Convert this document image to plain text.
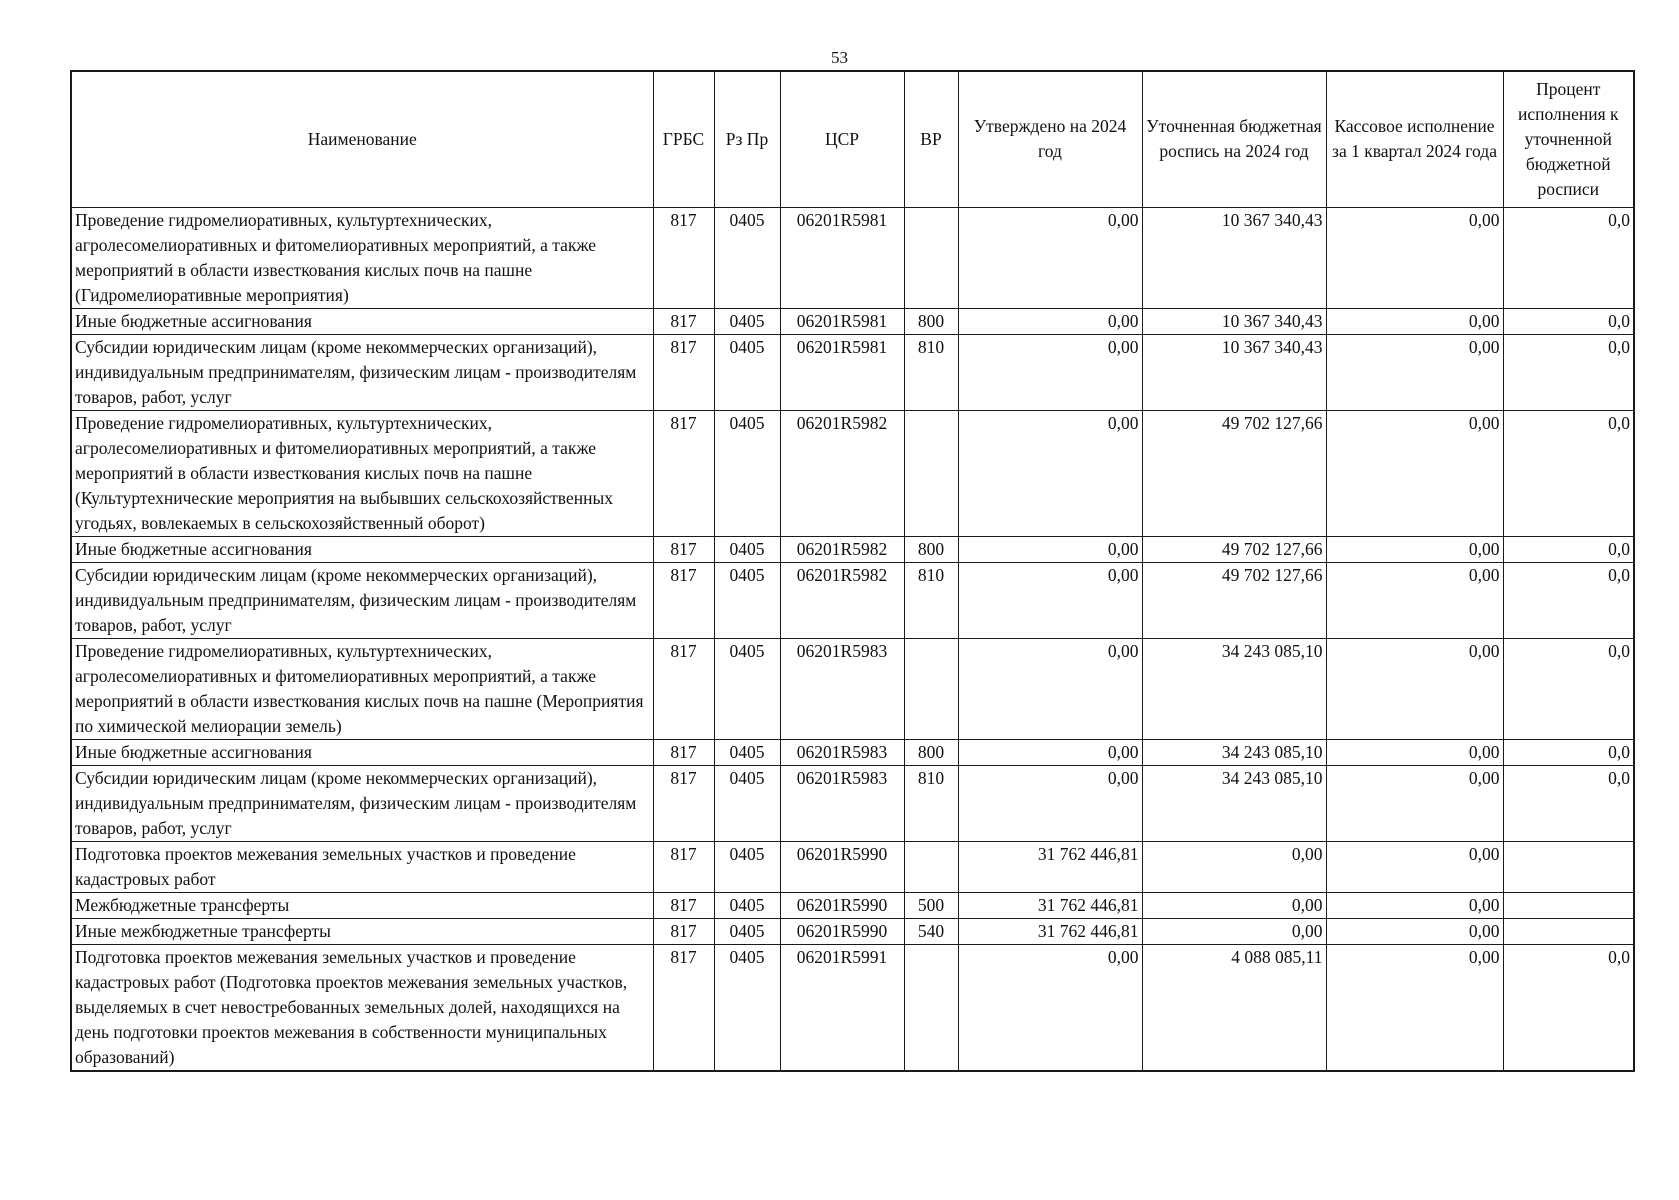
53
Наименование	ГРБС	Рз Пр	ЦСР	ВР	Утверждено на 2024 год	Уточненная бюджетная роспись на 2024 год	Кассовое исполнение за 1 квартал 2024 года	Процент исполнения к уточненной бюджетной росписи
Проведение гидромелиоративных, культуртехнических, агролесомелиоративных и фитомелиоративных мероприятий, а также мероприятий в области известкования кислых почв на пашне (Гидромелиоративные мероприятия)	817	0405	06201R5981		0,00	10 367 340,43	0,00	0,0
Иные бюджетные ассигнования	817	0405	06201R5981	800	0,00	10 367 340,43	0,00	0,0
Субсидии юридическим лицам (кроме некоммерческих организаций), индивидуальным предпринимателям, физическим лицам - производителям товаров, работ, услуг	817	0405	06201R5981	810	0,00	10 367 340,43	0,00	0,0
Проведение гидромелиоративных, культуртехнических, агролесомелиоративных и фитомелиоративных мероприятий, а также мероприятий в области известкования кислых почв на пашне (Культуртехнические мероприятия на выбывших сельскохозяйственных угодьях, вовлекаемых в сельскохозяйственный оборот)	817	0405	06201R5982		0,00	49 702 127,66	0,00	0,0
Иные бюджетные ассигнования	817	0405	06201R5982	800	0,00	49 702 127,66	0,00	0,0
Субсидии юридическим лицам (кроме некоммерческих организаций), индивидуальным предпринимателям, физическим лицам - производителям товаров, работ, услуг	817	0405	06201R5982	810	0,00	49 702 127,66	0,00	0,0
Проведение гидромелиоративных, культуртехнических, агролесомелиоративных и фитомелиоративных мероприятий, а также мероприятий в области известкования кислых почв на пашне (Мероприятия по химической мелиорации земель)	817	0405	06201R5983		0,00	34 243 085,10	0,00	0,0
Иные бюджетные ассигнования	817	0405	06201R5983	800	0,00	34 243 085,10	0,00	0,0
Субсидии юридическим лицам (кроме некоммерческих организаций), индивидуальным предпринимателям, физическим лицам - производителям товаров, работ, услуг	817	0405	06201R5983	810	0,00	34 243 085,10	0,00	0,0
Подготовка проектов межевания земельных участков и проведение кадастровых работ	817	0405	06201R5990		31 762 446,81	0,00	0,00	
Межбюджетные трансферты	817	0405	06201R5990	500	31 762 446,81	0,00	0,00	
Иные межбюджетные трансферты	817	0405	06201R5990	540	31 762 446,81	0,00	0,00	
Подготовка проектов межевания земельных участков и проведение кадастровых работ (Подготовка проектов межевания земельных участков, выделяемых в счет невостребованных земельных долей, находящихся на день подготовки проектов межевания в собственности муниципальных образований)	817	0405	06201R5991		0,00	4 088 085,11	0,00	0,0
